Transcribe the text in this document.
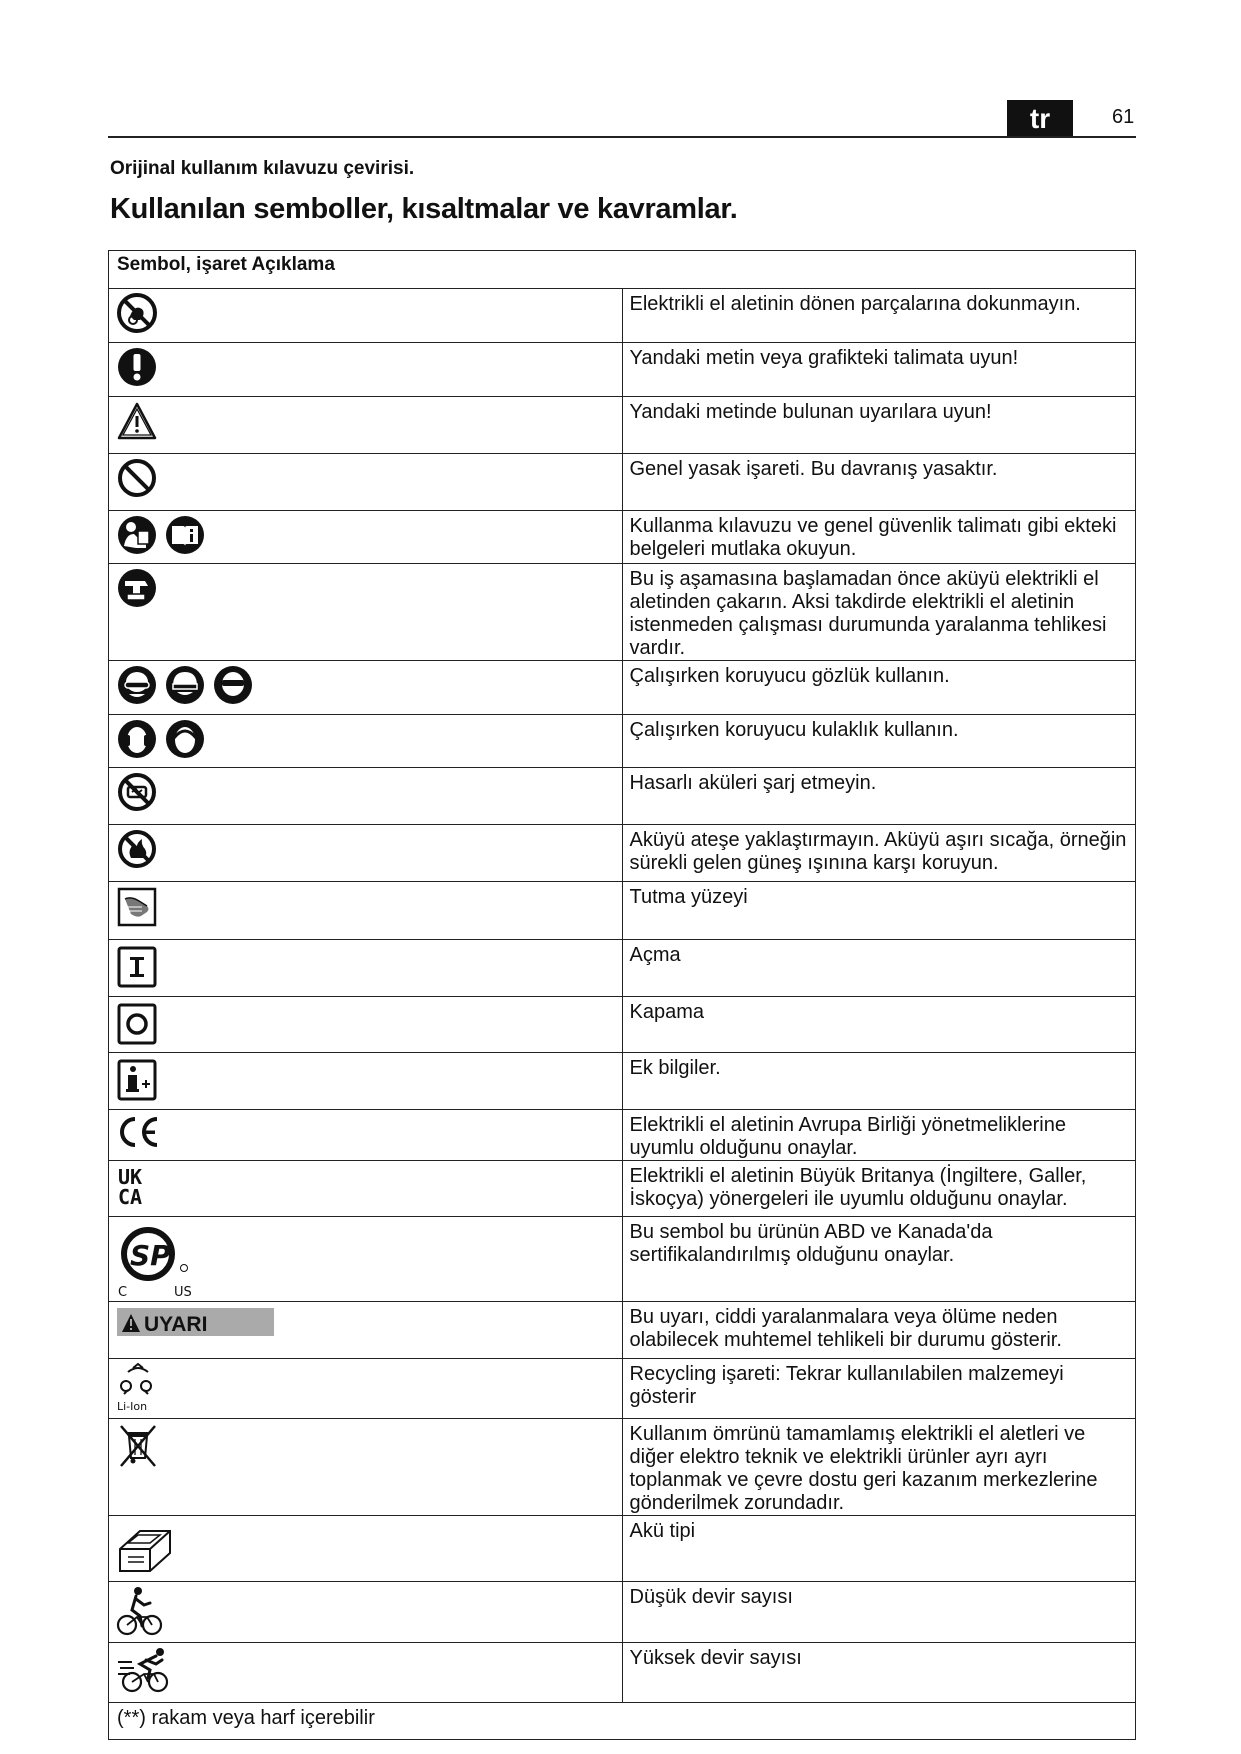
tr	61
Orijinal kullanım kılavuzu çevirisi.
Kullanılan semboller, kısaltmalar ve kavramlar.
Sembol, işaret Açıklama	

	Elektrikli el aletinin dönen parçalarına dokunmayın.

	Yandaki metin veya grafikteki talimata uyun!

	Yandaki metinde bulunan uyarılara uyun!

	Genel yasak işareti. Bu davranış yasaktır.

	Kullanma kılavuzu ve genel güvenlik talimatı gibi ekteki belgeleri mutlaka okuyun.

	Bu iş aşamasına başlamadan önce aküyü elektrikli el aletinden çakarın. Aksi takdirde elektrikli el aletinin istenmeden çalışması durumunda yaralanma tehlikesi vardır.

	Çalışırken koruyucu gözlük kullanın.

	Çalışırken koruyucu kulaklık kullanın.

	Hasarlı aküleri şarj etmeyin.

	Aküyü ateşe yaklaştırmayın. Aküyü aşırı sıcağa, örneğin sürekli gelen güneş ışınına karşı koruyun.

	Tutma yüzeyi

	Açma

	Kapama

	Ek bilgiler.

	Elektrikli el aletinin Avrupa Birliği yönetmeliklerine uyumlu olduğunu onaylar.

UK
CA	Elektrikli el aletinin Büyük Britanya (İngiltere, Galler, İskoçya) yönergeleri ile uyumlu olduğunu onaylar.

SP
C US	Bu sembol bu ürünün ABD ve Kanada'da sertifikalandırılmış olduğunu onaylar.

UYARI	Bu uyarı, ciddi yaralanmalara veya ölüme neden olabilecek muhtemel tehlikeli bir durumu gösterir.

Li-Ion	Recycling işareti: Tekrar kullanılabilen malzemeyi gösterir

	Kullanım ömrünü tamamlamış elektrikli el aletleri ve diğer elektro teknik ve elektrikli ürünler ayrı ayrı toplanmak ve çevre dostu geri kazanım merkezlerine gönderilmek zorundadır.

	Akü tipi

	Düşük devir sayısı

	Yüksek devir sayısı
(**) rakam veya harf içerebilir	
